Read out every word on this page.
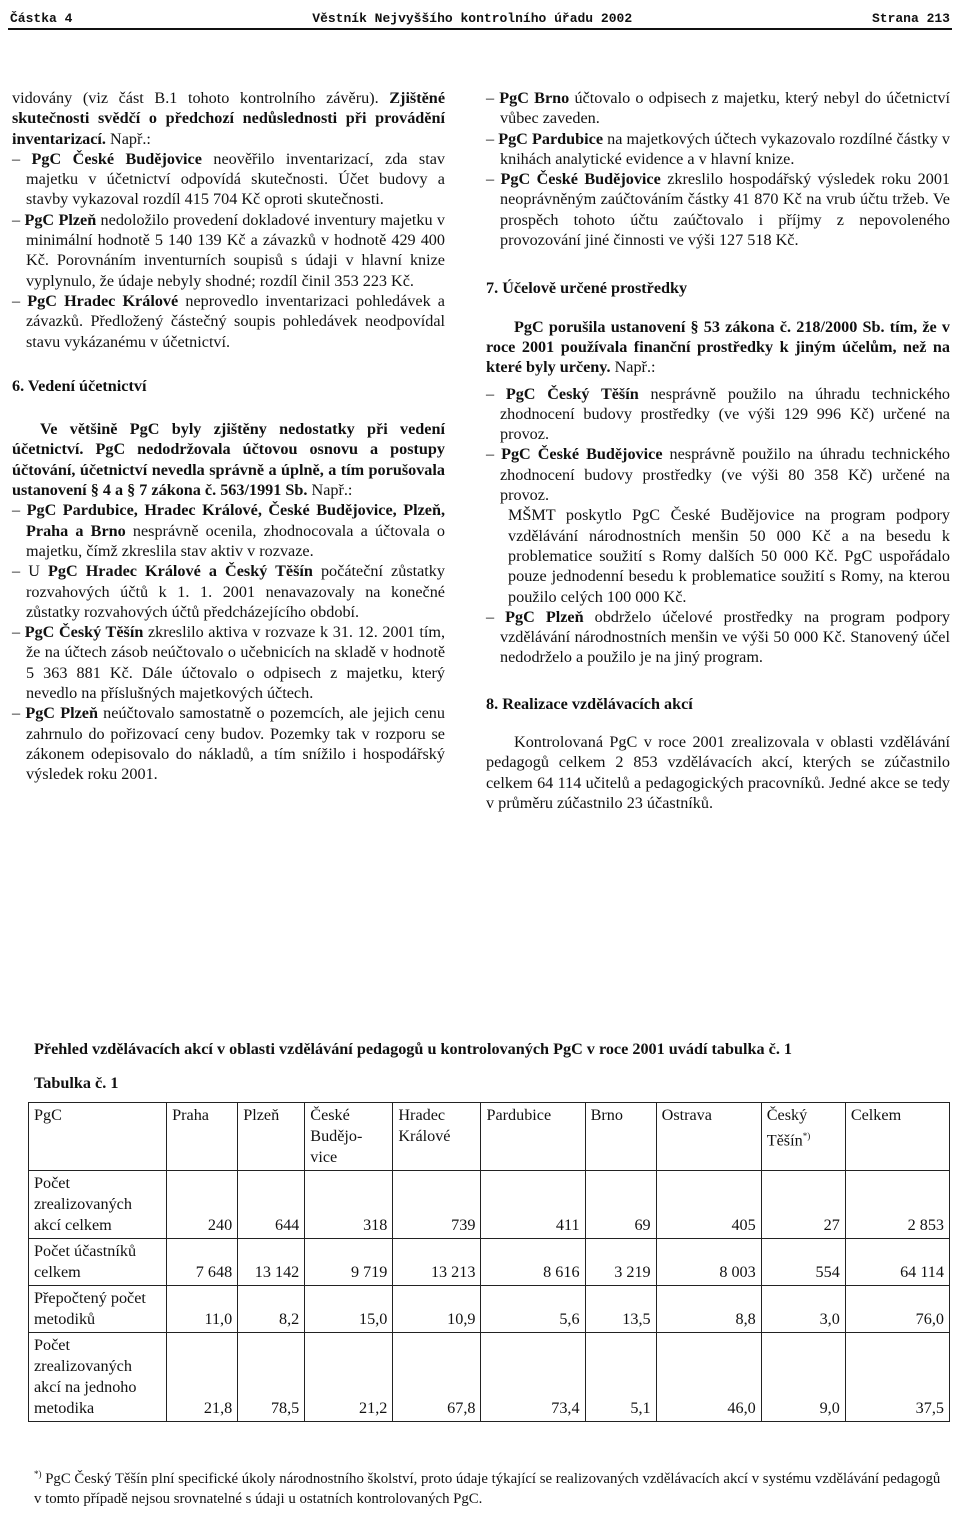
Částka 4	Věstník Nejvyššího kontrolního úřadu 2002	Strana 213

vidovány (viz část B.1 tohoto kontrolního závěru). Zjištěné skutečnosti svědčí o předchozí nedůslednosti při provádění inventarizací. Např.:

– PgC České Budějovice neověřilo inventarizací, zda stav majetku v účetnictví odpovídá skutečnosti. Účet budovy a stavby vykazoval rozdíl 415 704 Kč oproti skutečnosti.

– PgC Plzeň nedoložilo provedení dokladové inventury majetku v minimální hodnotě 5 140 139 Kč a závazků v hodnotě 429 400 Kč. Porovnáním inventurních soupisů s údaji v hlavní knize vyplynulo, že údaje nebyly shodné; rozdíl činil 353 223 Kč.

– PgC Hradec Králové neprovedlo inventarizaci pohledávek a závazků. Předložený částečný soupis pohledávek neodpovídal stavu vykázanému v účetnictví.

6. Vedení účetnictví

Ve většině PgC byly zjištěny nedostatky při vedení účetnictví. PgC nedodržovala účtovou osnovu a postupy účtování, účetnictví nevedla správně a úplně, a tím porušovala ustanovení § 4 a § 7 zákona č. 563/1991 Sb. Např.:

– PgC Pardubice, Hradec Králové, České Budějovice, Plzeň, Praha a Brno nesprávně ocenila, zhodnocovala a účtovala o majetku, čímž zkreslila stav aktiv v rozvaze.

– U PgC Hradec Králové a Český Těšín počáteční zůstatky rozvahových účtů k 1. 1. 2001 nenavazovaly na konečné zůstatky rozvahových účtů předcházejícího období.

– PgC Český Těšín zkreslilo aktiva v rozvaze k 31. 12. 2001 tím, že na účtech zásob neúčtovalo o učebnicích na skladě v hodnotě 5 363 881 Kč. Dále účtovalo o odpisech z majetku, který nevedlo na příslušných majetkových účtech.

– PgC Plzeň neúčtovalo samostatně o pozemcích, ale jejich cenu zahrnulo do pořizovací ceny budov. Pozemky tak v rozporu se zákonem odepisovalo do nákladů, a tím snížilo i hospodářský výsledek roku 2001.

– PgC Brno účtovalo o odpisech z majetku, který nebyl do účetnictví vůbec zaveden.

– PgC Pardubice na majetkových účtech vykazovalo rozdílné částky v knihách analytické evidence a v hlavní knize.

– PgC České Budějovice zkreslilo hospodářský výsledek roku 2001 neoprávněným zaúčtováním částky 41 870 Kč na vrub účtu tržeb. Ve prospěch tohoto účtu zaúčtovalo i příjmy z nepovoleného provozování jiné činnosti ve výši 127 518 Kč.

7. Účelově určené prostředky

PgC porušila ustanovení § 53 zákona č. 218/2000 Sb. tím, že v roce 2001 používala finanční prostředky k jiným účelům, než na které byly určeny. Např.:

– PgC Český Těšín nesprávně použilo na úhradu technického zhodnocení budovy prostředky (ve výši 129 996 Kč) určené na provoz.

– PgC České Budějovice nesprávně použilo na úhradu technického zhodnocení budovy prostředky (ve výši 80 358 Kč) určené na provoz.

MŠMT poskytlo PgC České Budějovice na program podpory vzdělávání národnostních menšin 50 000 Kč a na besedu k problematice soužití s Romy dalších 50 000 Kč. PgC uspořádalo pouze jednodenní besedu k problematice soužití s Romy, na kterou použilo celých 100 000 Kč.

– PgC Plzeň obdrželo účelové prostředky na program podpory vzdělávání národnostních menšin ve výši 50 000 Kč. Stanovený účel nedodrželo a použilo je na jiný program.

8. Realizace vzdělávacích akcí

Kontrolovaná PgC v roce 2001 zrealizovala v oblasti vzdělávání pedagogů celkem 2 853 vzdělávacích akcí, kterých se zúčastnilo celkem 64 114 učitelů a pedagogických pracovníků. Jedné akce se tedy v průměru zúčastnilo 23 účastníků.

Přehled vzdělávacích akcí v oblasti vzdělávání pedagogů u kontrolovaných PgC v roce 2001 uvádí tabulka č. 1
Tabulka č. 1
PgC	Praha	Plzeň	České Budějo-vice	Hradec Králové	Pardubice	Brno	Ostrava	Český Těšín*)	Celkem
Počet zrealizovaných akcí celkem	240	644	318	739	411	69	405	27	2 853
Počet účastníků celkem	7 648	13 142	9 719	13 213	8 616	3 219	8 003	554	64 114
Přepočtený počet metodiků	11,0	8,2	15,0	10,9	5,6	13,5	8,8	3,0	76,0
Počet zrealizovaných akcí na jednoho metodika	21,8	78,5	21,2	67,8	73,4	5,1	46,0	9,0	37,5
*) PgC Český Těšín plní specifické úkoly národnostního školství, proto údaje týkající se realizovaných vzdělávacích akcí v systému vzdělávání pedagogů v tomto případě nejsou srovnatelné s údaji u ostatních kontrolovaných PgC.
